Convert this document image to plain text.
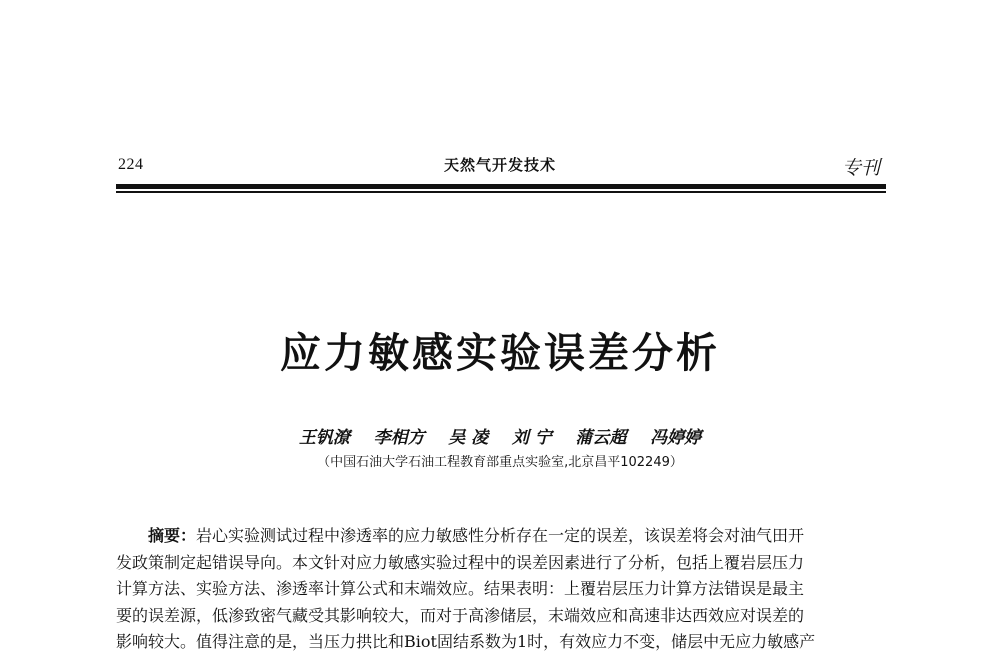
224	天然气开发技术	专刊
应力敏感实验误差分析
王钒潦    李相方    吴 凌    刘 宁    蒲云超    冯婷婷
（中国石油大学石油工程教育部重点实验室,北京昌平102249）
摘要：岩心实验测试过程中渗透率的应力敏感性分析存在一定的误差，该误差将会对油气田开
发政策制定起错误导向。本文针对应力敏感实验过程中的误差因素进行了分析，包括上覆岩层压力
计算方法、实验方法、渗透率计算公式和末端效应。结果表明：上覆岩层压力计算方法错误是最主
要的误差源，低渗致密气藏受其影响较大，而对于高渗储层，末端效应和高速非达西效应对误差的
影响较大。值得注意的是，当压力拱比和Biot固结系数为1时，有效应力不变，储层中无应力敏感产
